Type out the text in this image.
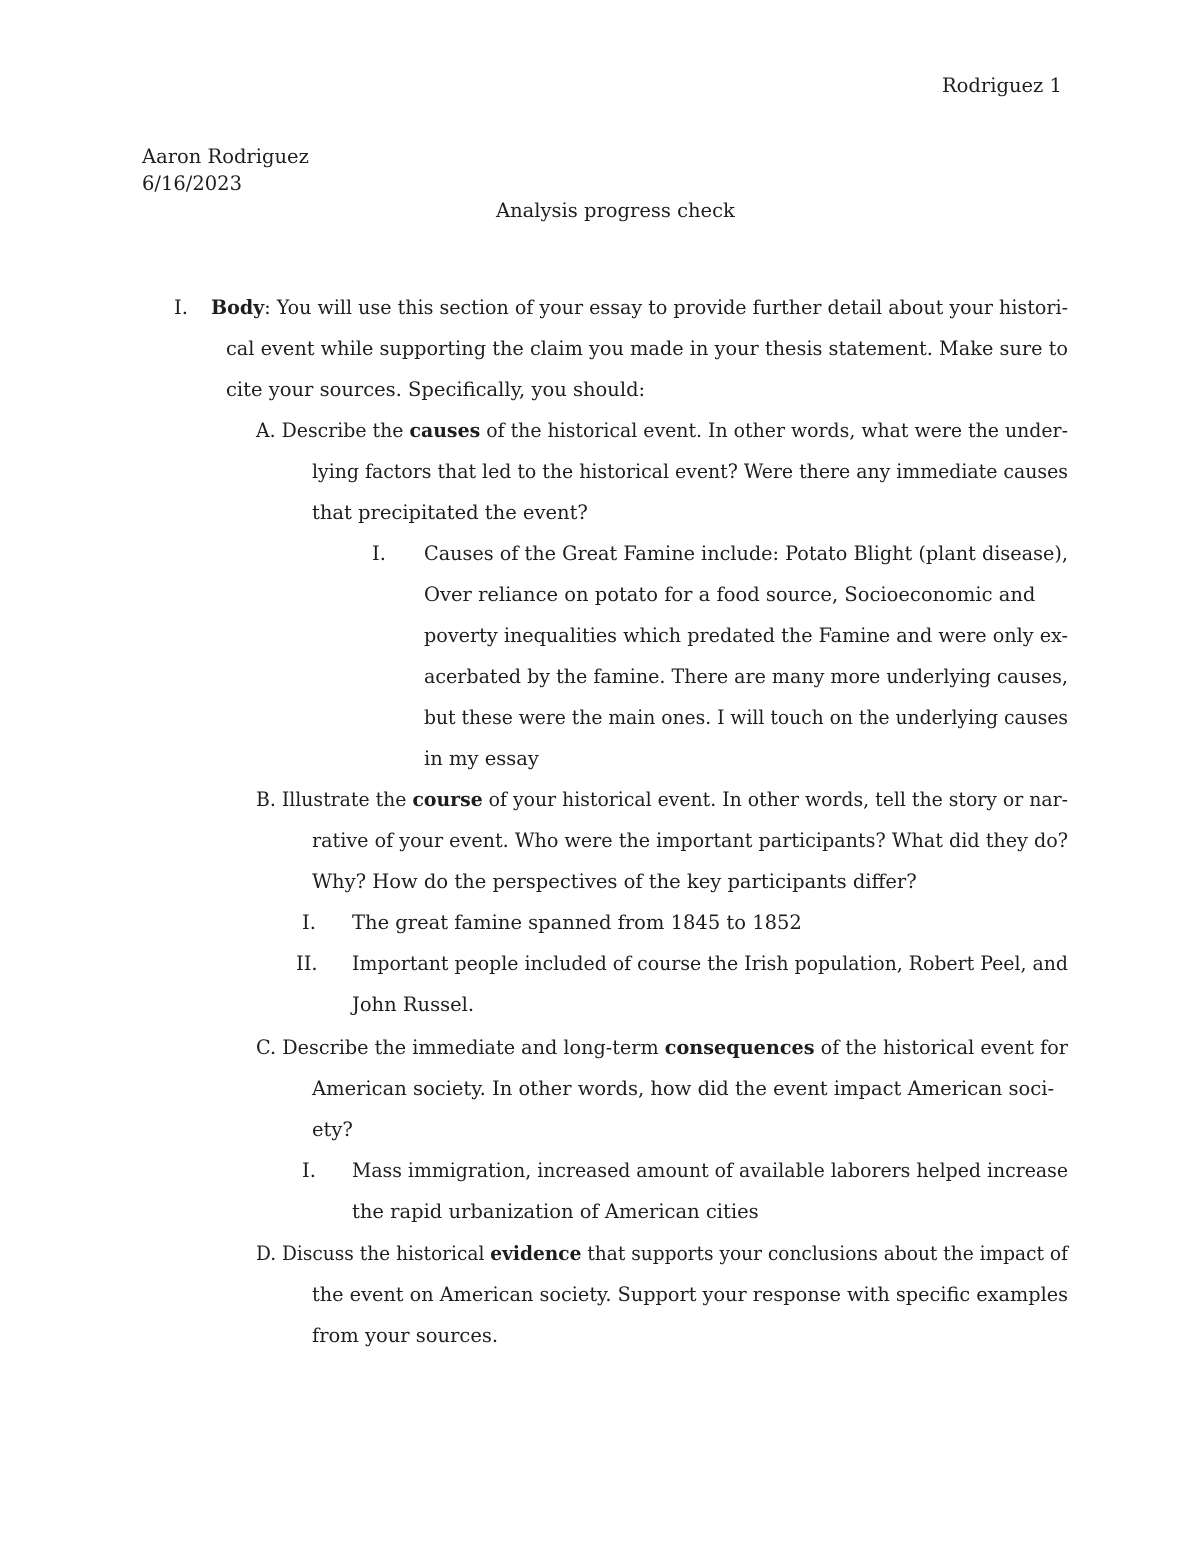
Rodriguez 1
Aaron Rodriguez
6/16/2023
Analysis progress check
I. Body: You will use this section of your essay to provide further detail about your histori-
cal event while supporting the claim you made in your thesis statement. Make sure to
cite your sources. Specifically, you should:
A. Describe the causes of the historical event. In other words, what were the under-
lying factors that led to the historical event? Were there any immediate causes
that precipitated the event?
I. Causes of the Great Famine include: Potato Blight (plant disease),
Over reliance on potato for a food source, Socioeconomic and
poverty inequalities which predated the Famine and were only ex-
acerbated by the famine. There are many more underlying causes,
but these were the main ones. I will touch on the underlying causes
in my essay
B. Illustrate the course of your historical event. In other words, tell the story or nar-
rative of your event. Who were the important participants? What did they do?
Why? How do the perspectives of the key participants differ?
I. The great famine spanned from 1845 to 1852
II. Important people included of course the Irish population, Robert Peel, and
John Russel.
C. Describe the immediate and long-term consequences of the historical event for
American society. In other words, how did the event impact American soci-
ety?
I. Mass immigration, increased amount of available laborers helped increase
the rapid urbanization of American cities
D. Discuss the historical evidence that supports your conclusions about the impact of
the event on American society. Support your response with specific examples
from your sources.
